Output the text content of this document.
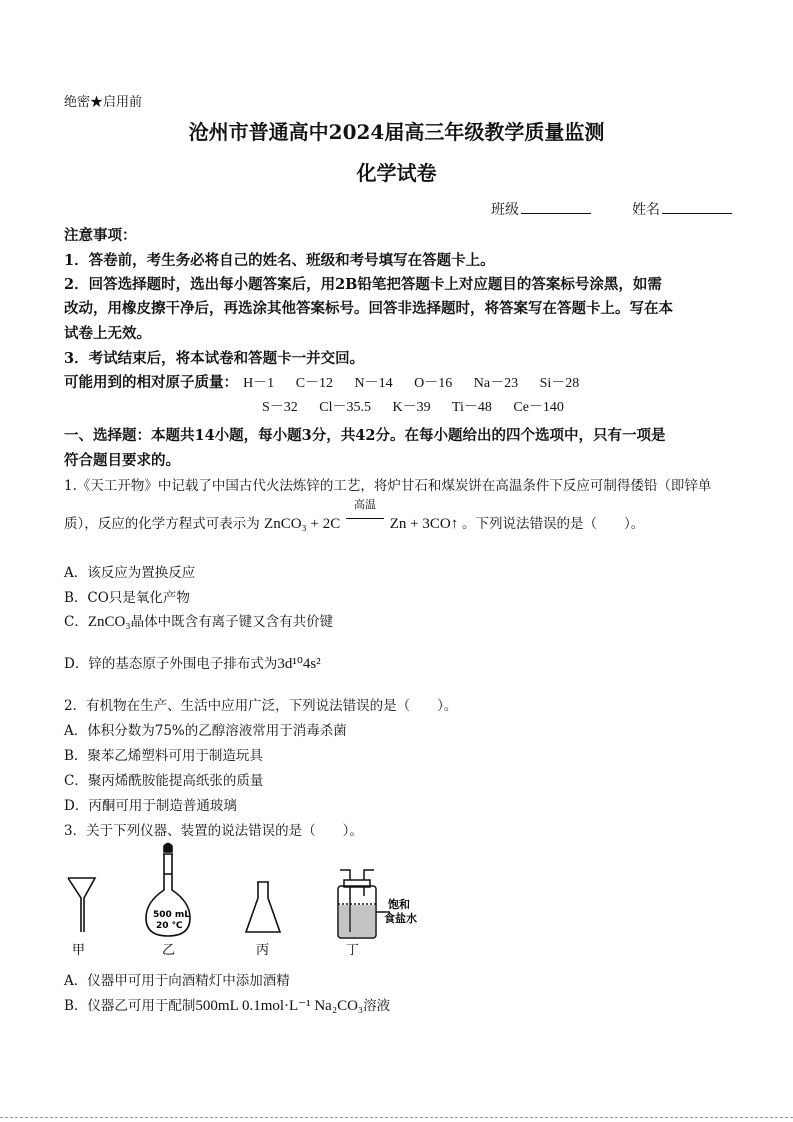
绝密★启用前
沧州市普通高中2024届高三年级教学质量监测
化学试卷
班级	姓名
注意事项：
1．答卷前，考生务必将自己的姓名、班级和考号填写在答题卡上。
2．回答选择题时，选出每小题答案后，用2B铅笔把答题卡上对应题目的答案标号涂黑，如需
改动，用橡皮擦干净后，再选涂其他答案标号。回答非选择题时，将答案写在答题卡上。写在本
试卷上无效。
3．考试结束后，将本试卷和答题卡一并交回。
可能用到的相对原子质量： H－1 C－12 N－14 O－16 Na－23 Si－28
S－32 Cl－35.5 K－39 Ti－48 Ce－140
一、选择题：本题共14小题，每小题3分，共42分。在每小题给出的四个选项中，只有一项是
符合题目要求的。
1.《天工开物》中记载了中国古代火法炼锌的工艺，将炉甘石和煤炭饼在高温条件下反应可制得倭铅（即锌单
质），反应的化学方程式可表示为 ZnCO₃ + 2C
高温
Zn + 3CO↑ 。下列说法错误的是（　　）。
A．该反应为置换反应
B．CO只是氧化产物
C．ZnCO₃晶体中既含有离子键又含有共价键
D．锌的基态原子外围电子排布式为3d¹⁰4s²
2．有机物在生产、生活中应用广泛，下列说法错误的是（　　）。
A．体积分数为75%的乙醇溶液常用于消毒杀菌
B．聚苯乙烯塑料可用于制造玩具
C．聚丙烯酰胺能提高纸张的质量
D．丙酮可用于制造普通玻璃
3．关于下列仪器、装置的说法错误的是（　　）。
甲
500 mL
20 ℃
乙	丙
饱和
食盐水
丁
A．仪器甲可用于向酒精灯中添加酒精
B．仪器乙可用于配制500mL 0.1mol·L⁻¹ Na₂CO₃溶液
